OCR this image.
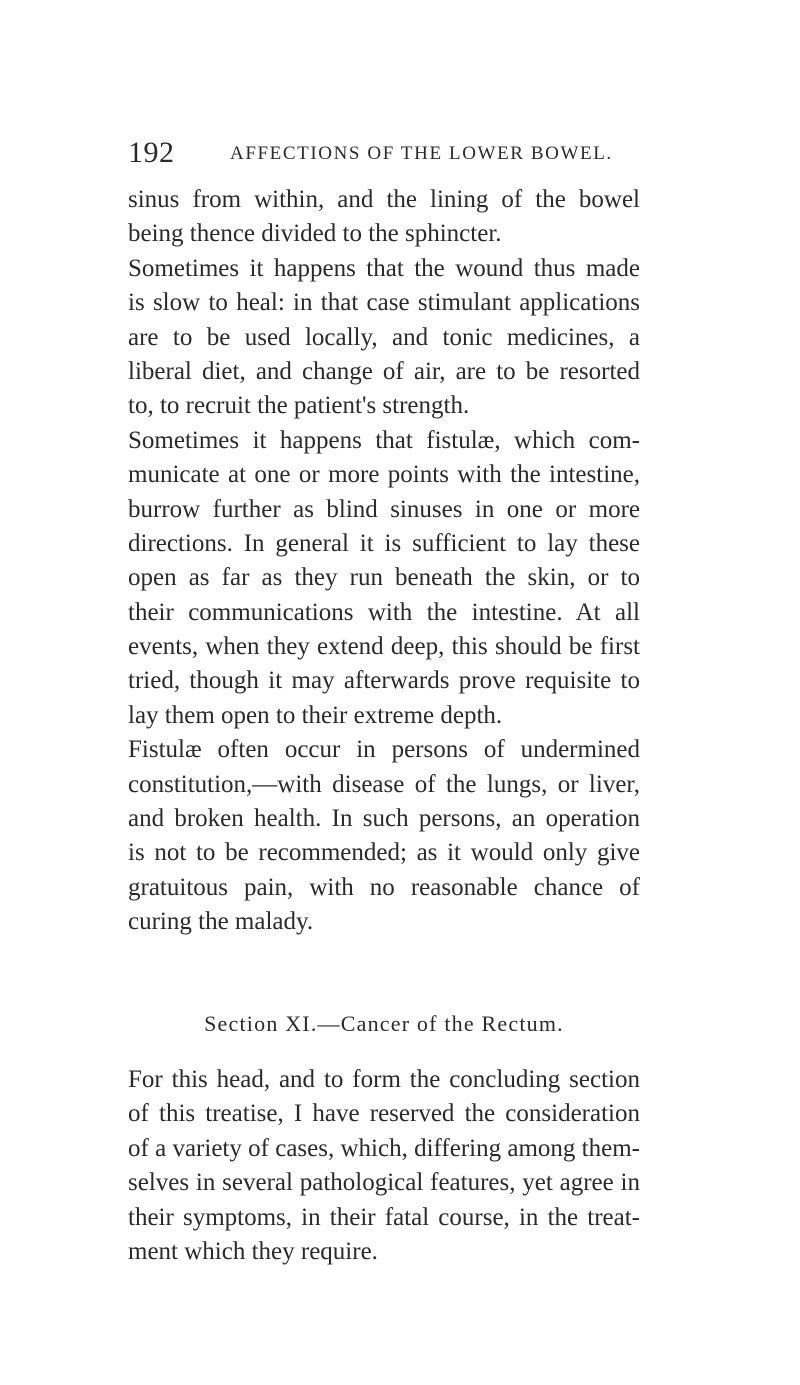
192	AFFECTIONS OF THE LOWER BOWEL.
sinus from within, and the lining of the bowel
being thence divided to the sphincter.
Sometimes it happens that the wound thus made
is slow to heal: in that case stimulant applications
are to be used locally, and tonic medicines, a
liberal diet, and change of air, are to be resorted
to, to recruit the patient's strength.
Sometimes it happens that fistulæ, which com-
municate at one or more points with the intestine,
burrow further as blind sinuses in one or more
directions. In general it is sufficient to lay these
open as far as they run beneath the skin, or to
their communications with the intestine. At all
events, when they extend deep, this should be first
tried, though it may afterwards prove requisite to
lay them open to their extreme depth.
Fistulæ often occur in persons of undermined
constitution,—with disease of the lungs, or liver,
and broken health. In such persons, an operation
is not to be recommended; as it would only give
gratuitous pain, with no reasonable chance of
curing the malady.
Section XI.—Cancer of the Rectum.
For this head, and to form the concluding section
of this treatise, I have reserved the consideration
of a variety of cases, which, differing among them-
selves in several pathological features, yet agree in
their symptoms, in their fatal course, in the treat-
ment which they require.
